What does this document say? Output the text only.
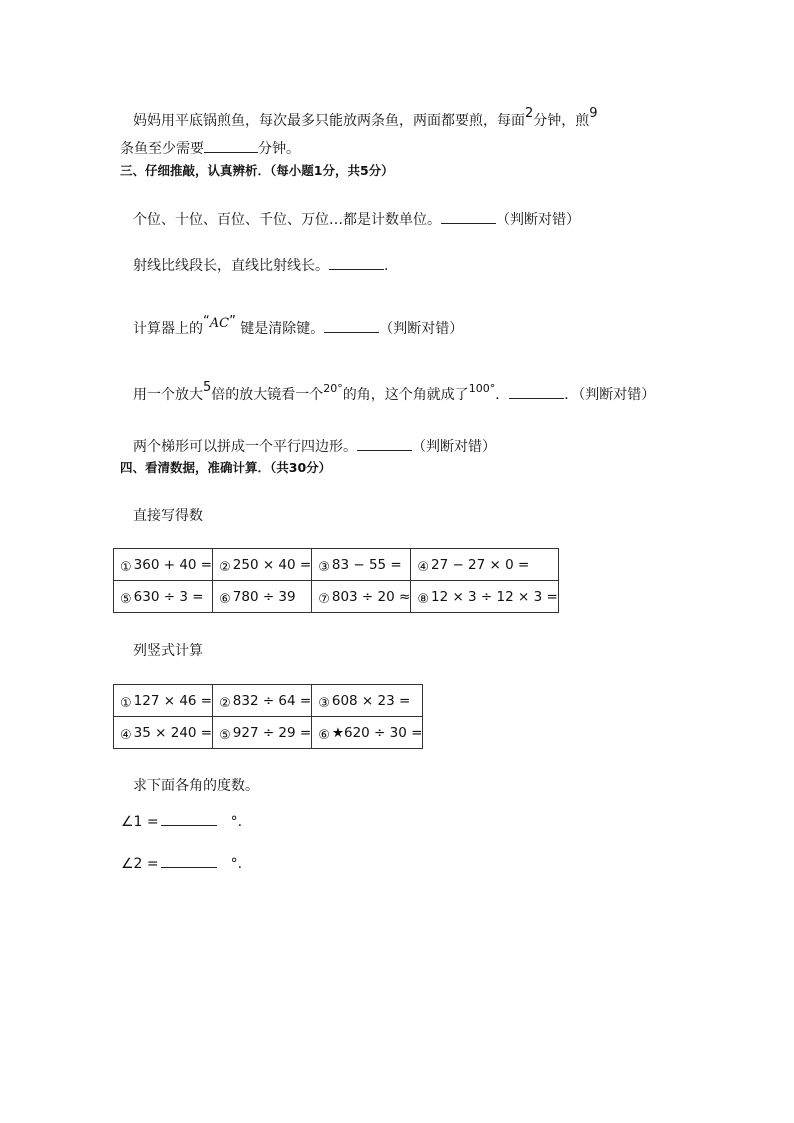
妈妈用平底锅煎鱼，每次最多只能放两条鱼，两面都要煎，每面2分钟，煎9
条鱼至少需要	分钟。
三、仔细推敲，认真辨析．（每小题1分，共5分）
个位、十位、百位、千位、万位…都是计数单位。	（判断对错）
射线比线段长，直线比射线长。	.
计算器上的“AC” 键是清除键。	（判断对错）
用一个放大5倍的放大镜看一个$^{20^\circ}$的角，这个角就成了$^{100^\circ}$．	．（判断对错）
两个梯形可以拼成一个平行四边形。	（判断对错）
四、看清数据，准确计算．（共30分）
直接写得数
① 360 + 40 =	② 250 × 40 =	③ 83 − 55 =	④ 27 − 27 × 0 =
⑤ 630 ÷ 3 =	⑥ 780 ÷ 39	⑦ 803 ÷ 20 ≈	⑧ 12 × 3 ÷ 12 × 3 =
列竖式计算
① 127 × 46 =	② 832 ÷ 64 =	③ 608 × 23 =
④ 35 × 240 =	⑤ 927 ÷ 29 =	⑥ ★620 ÷ 30 =
求下面各角的度数。
∠1 =	°.
∠2 =	°.
